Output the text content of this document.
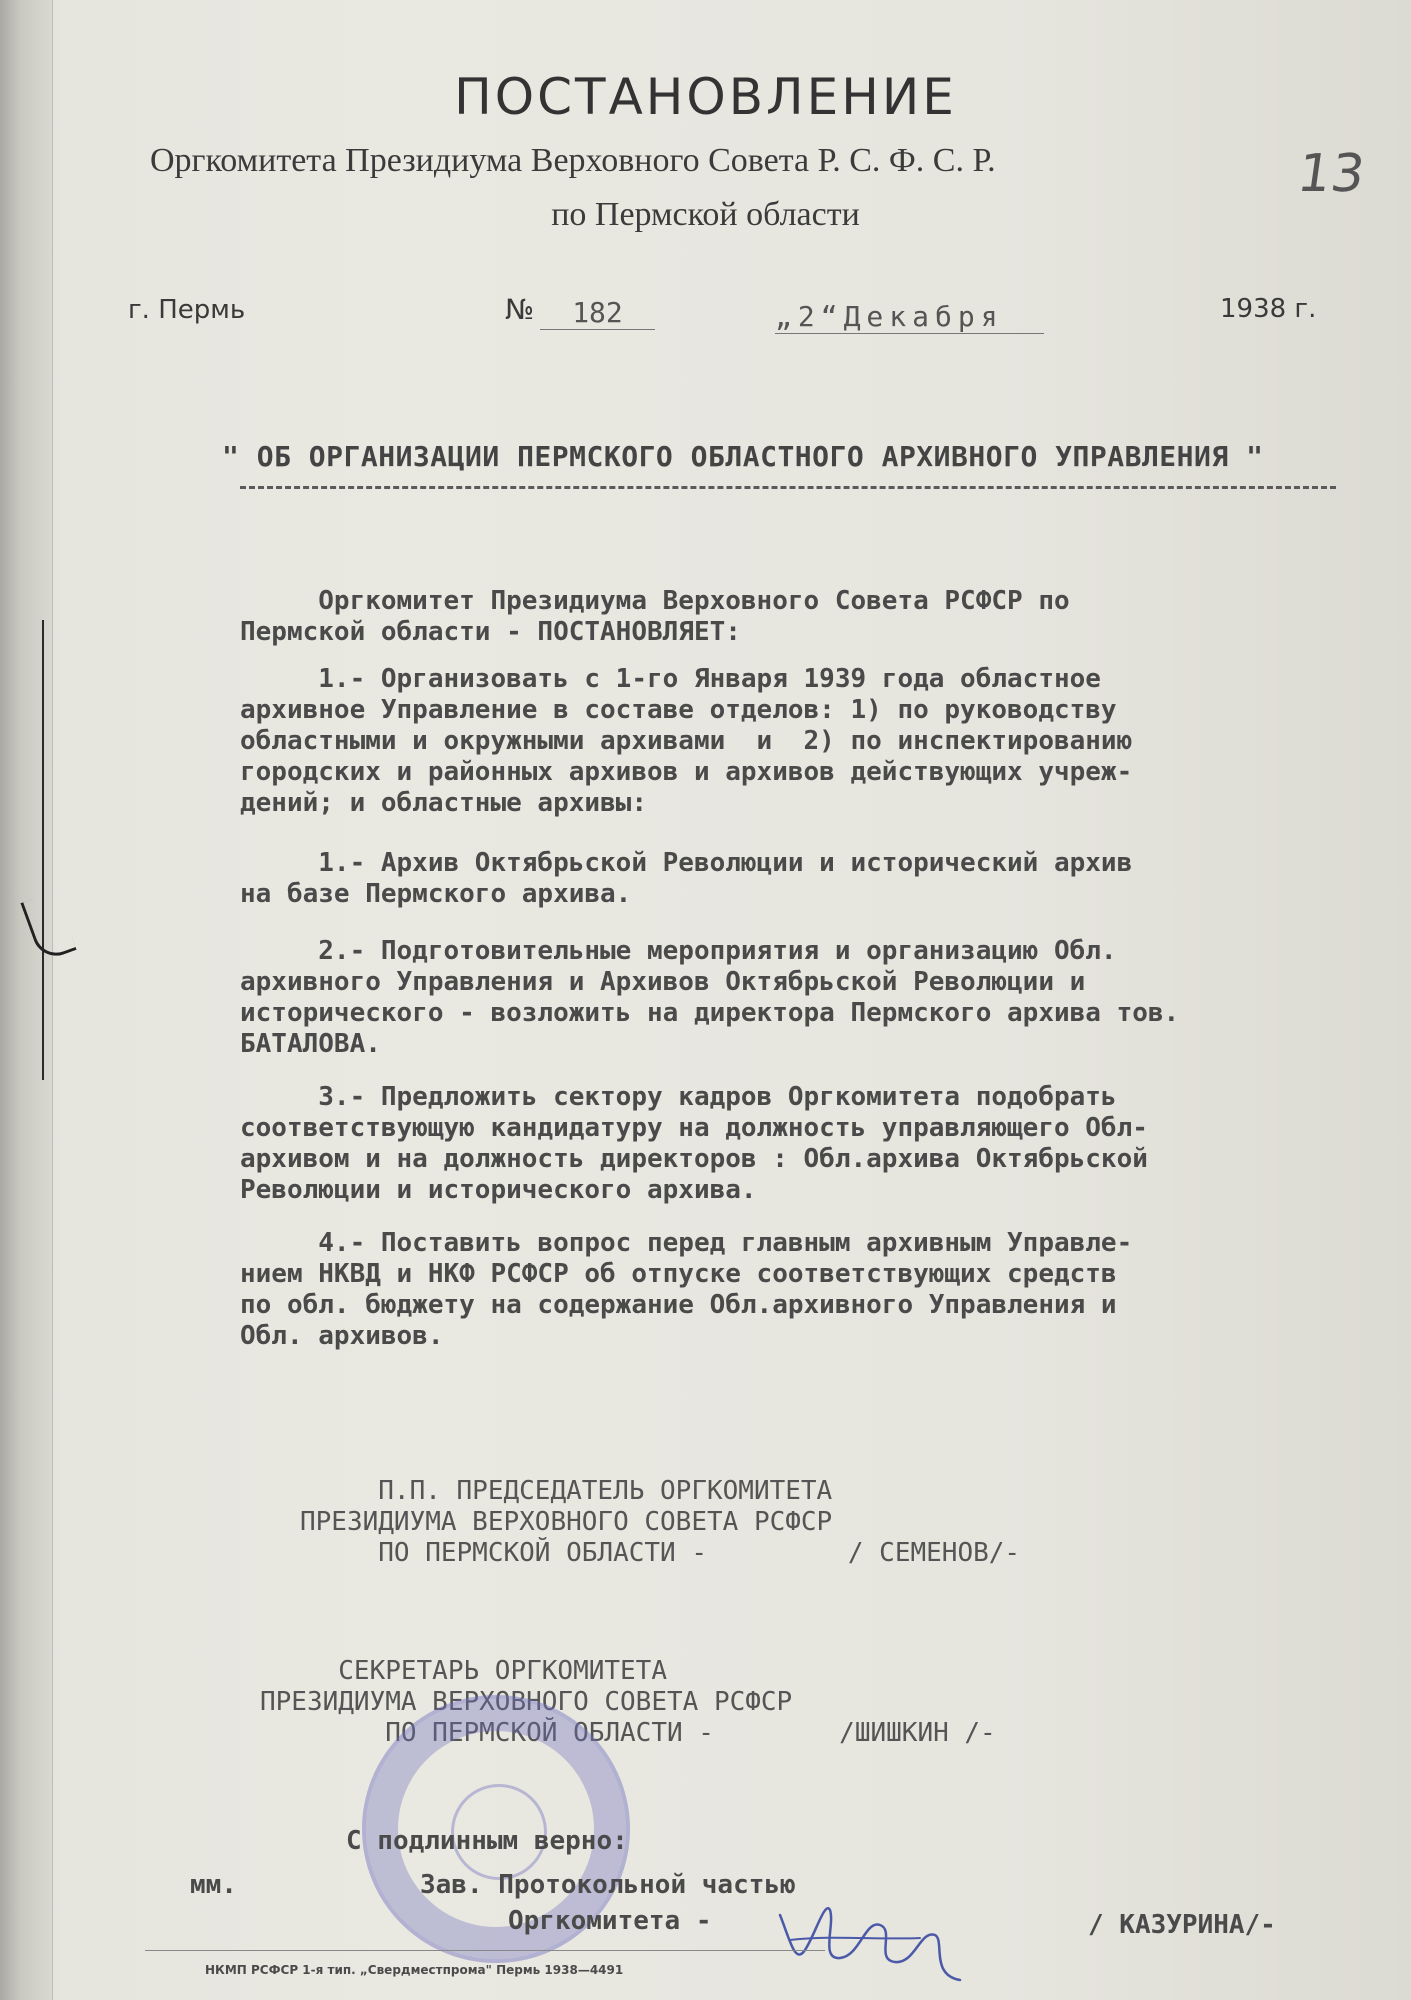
ПОСТАНОВЛЕНИЕ
Оргкомитета Президиума Верховного Совета Р. С. Ф. С. Р.
по Пермской области
13
г. Пермь	№	182	„2“Декабря	1938 г.
" ОБ ОРГАНИЗАЦИИ ПЕРМСКОГО ОБЛАСТНОГО АРХИВНОГО УПРАВЛЕНИЯ "
Оргкомитет Президиума Верховного Совета РСФСР по
Пермской области - ПОСТАНОВЛЯЕТ:
1.- Организовать с 1-го Января 1939 года областное
архивное Управление в составе отделов: 1) по руководству
областными и окружными архивами  и  2) по инспектированию
городских и районных архивов и архивов действующих учреж-
дений; и областные архивы:
1.- Архив Октябрьской Революции и исторический архив
на базе Пермского архива.
2.- Подготовительные мероприятия и организацию Обл.
архивного Управления и Архивов Октябрьской Революции и
исторического - возложить на директора Пермского архива тов.
БАТАЛОВА.
3.- Предложить сектору кадров Оргкомитета подобрать
соответствующую кандидатуру на должность управляющего Обл-
архивом и на должность директоров : Обл.архива Октябрьской
Революции и исторического архива.
4.- Поставить вопрос перед главным архивным Управле-
нием НКВД и НКФ РСФСР об отпуске соответствующих средств
по обл. бюджету на содержание Обл.архивного Управления и
Обл. архивов.
П.П. ПРЕДСЕДАТЕЛЬ ОРГКОМИТЕТА
ПРЕЗИДИУМА ВЕРХОВНОГО СОВЕТА РСФСР
ПО ПЕРМСКОЙ ОБЛАСТИ -         / СЕМЕНОВ/-
СЕКРЕТАРЬ ОРГКОМИТЕТА
ПРЕЗИДИУМА ВЕРХОВНОГО СОВЕТА РСФСР
ПО ПЕРМСКОЙ ОБЛАСТИ -        /ШИШКИН /-
С подлинным верно:
мм.	Зав. Протокольной частью
Оргкомитета -	/ КАЗУРИНА/-
НКМП РСФСР 1-я тип. „Свердместпрома" Пермь 1938—4491
